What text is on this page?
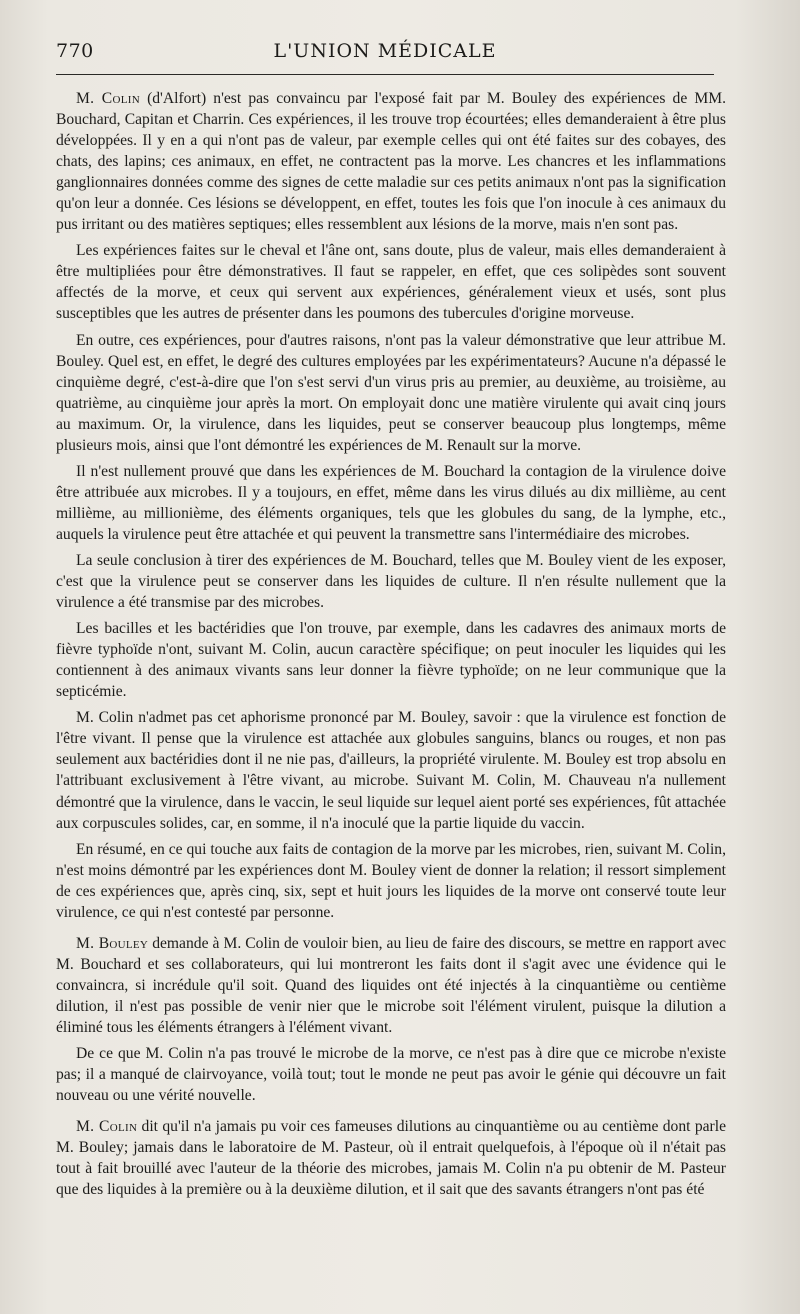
770	L'UNION MÉDICALE

M. Colin (d'Alfort) n'est pas convaincu par l'exposé fait par M. Bouley des expériences de MM. Bouchard, Capitan et Charrin. Ces expériences, il les trouve trop écourtées; elles demanderaient à être plus développées. Il y en a qui n'ont pas de valeur, par exemple celles qui ont été faites sur des cobayes, des chats, des lapins; ces animaux, en effet, ne contractent pas la morve. Les chancres et les inflammations ganglionnaires données comme des signes de cette maladie sur ces petits animaux n'ont pas la signification qu'on leur a donnée. Ces lésions se développent, en effet, toutes les fois que l'on inocule à ces animaux du pus irritant ou des matières septiques; elles ressemblent aux lésions de la morve, mais n'en sont pas.

Les expériences faites sur le cheval et l'âne ont, sans doute, plus de valeur, mais elles demanderaient à être multipliées pour être démonstratives. Il faut se rappeler, en effet, que ces solipèdes sont souvent affectés de la morve, et ceux qui servent aux expériences, généralement vieux et usés, sont plus susceptibles que les autres de présenter dans les poumons des tubercules d'origine morveuse.

En outre, ces expériences, pour d'autres raisons, n'ont pas la valeur démonstrative que leur attribue M. Bouley. Quel est, en effet, le degré des cultures employées par les expérimentateurs? Aucune n'a dépassé le cinquième degré, c'est-à-dire que l'on s'est servi d'un virus pris au premier, au deuxième, au troisième, au quatrième, au cinquième jour après la mort. On employait donc une matière virulente qui avait cinq jours au maximum. Or, la virulence, dans les liquides, peut se conserver beaucoup plus longtemps, même plusieurs mois, ainsi que l'ont démontré les expériences de M. Renault sur la morve.

Il n'est nullement prouvé que dans les expériences de M. Bouchard la contagion de la virulence doive être attribuée aux microbes. Il y a toujours, en effet, même dans les virus dilués au dix millième, au cent millième, au millionième, des éléments organiques, tels que les globules du sang, de la lymphe, etc., auquels la virulence peut être attachée et qui peuvent la transmettre sans l'intermédiaire des microbes.

La seule conclusion à tirer des expériences de M. Bouchard, telles que M. Bouley vient de les exposer, c'est que la virulence peut se conserver dans les liquides de culture. Il n'en résulte nullement que la virulence a été transmise par des microbes.

Les bacilles et les bactéridies que l'on trouve, par exemple, dans les cadavres des animaux morts de fièvre typhoïde n'ont, suivant M. Colin, aucun caractère spécifique; on peut inoculer les liquides qui les contiennent à des animaux vivants sans leur donner la fièvre typhoïde; on ne leur communique que la septicémie.

M. Colin n'admet pas cet aphorisme prononcé par M. Bouley, savoir : que la virulence est fonction de l'être vivant. Il pense que la virulence est attachée aux globules sanguins, blancs ou rouges, et non pas seulement aux bactéridies dont il ne nie pas, d'ailleurs, la propriété virulente. M. Bouley est trop absolu en l'attribuant exclusivement à l'être vivant, au microbe. Suivant M. Colin, M. Chauveau n'a nullement démontré que la virulence, dans le vaccin, le seul liquide sur lequel aient porté ses expériences, fût attachée aux corpuscules solides, car, en somme, il n'a inoculé que la partie liquide du vaccin.

En résumé, en ce qui touche aux faits de contagion de la morve par les microbes, rien, suivant M. Colin, n'est moins démontré par les expériences dont M. Bouley vient de donner la relation; il ressort simplement de ces expériences que, après cinq, six, sept et huit jours les liquides de la morve ont conservé toute leur virulence, ce qui n'est contesté par personne.

M. Bouley demande à M. Colin de vouloir bien, au lieu de faire des discours, se mettre en rapport avec M. Bouchard et ses collaborateurs, qui lui montreront les faits dont il s'agit avec une évidence qui le convaincra, si incrédule qu'il soit. Quand des liquides ont été injectés à la cinquantième ou centième dilution, il n'est pas possible de venir nier que le microbe soit l'élément virulent, puisque la dilution a éliminé tous les éléments étrangers à l'élément vivant.

De ce que M. Colin n'a pas trouvé le microbe de la morve, ce n'est pas à dire que ce microbe n'existe pas; il a manqué de clairvoyance, voilà tout; tout le monde ne peut pas avoir le génie qui découvre un fait nouveau ou une vérité nouvelle.

M. Colin dit qu'il n'a jamais pu voir ces fameuses dilutions au cinquantième ou au centième dont parle M. Bouley; jamais dans le laboratoire de M. Pasteur, où il entrait quelquefois, à l'époque où il n'était pas tout à fait brouillé avec l'auteur de la théorie des microbes, jamais M. Colin n'a pu obtenir de M. Pasteur que des liquides à la première ou à la deuxième dilution, et il sait que des savants étrangers n'ont pas été
